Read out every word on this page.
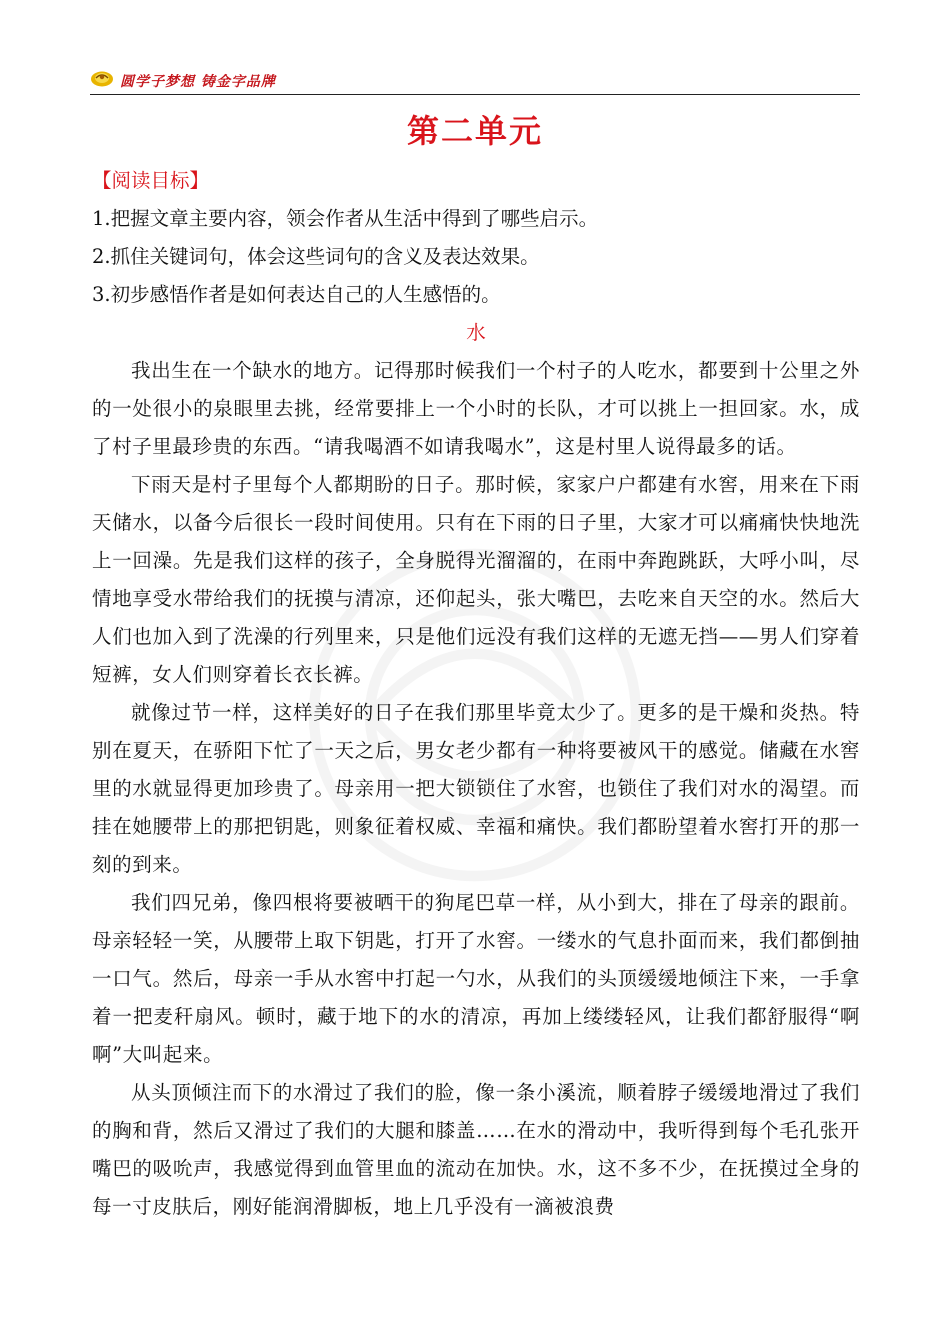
圆学子梦想 铸金字品牌
第二单元
【阅读目标】
1.把握文章主要内容，领会作者从生活中得到了哪些启示。
2.抓住关键词句，体会这些词句的含义及表达效果。
3.初步感悟作者是如何表达自己的人生感悟的。
水

我出生在一个缺水的地方。记得那时候我们一个村子的人吃水，都要到十公里之外的一处很小的泉眼里去挑，经常要排上一个小时的长队，才可以挑上一担回家。水，成了村子里最珍贵的东西。“请我喝酒不如请我喝水”，这是村里人说得最多的话。

下雨天是村子里每个人都期盼的日子。那时候，家家户户都建有水窖，用来在下雨天储水，以备今后很长一段时间使用。只有在下雨的日子里，大家才可以痛痛快快地洗上一回澡。先是我们这样的孩子，全身脱得光溜溜的，在雨中奔跑跳跃，大呼小叫，尽情地享受水带给我们的抚摸与清凉，还仰起头，张大嘴巴，去吃来自天空的水。然后大人们也加入到了洗澡的行列里来，只是他们远没有我们这样的无遮无挡——男人们穿着短裤，女人们则穿着长衣长裤。

就像过节一样，这样美好的日子在我们那里毕竟太少了。更多的是干燥和炎热。特别在夏天，在骄阳下忙了一天之后，男女老少都有一种将要被风干的感觉。储藏在水窖里的水就显得更加珍贵了。母亲用一把大锁锁住了水窖，也锁住了我们对水的渴望。而挂在她腰带上的那把钥匙，则象征着权威、幸福和痛快。我们都盼望着水窖打开的那一刻的到来。

我们四兄弟，像四根将要被晒干的狗尾巴草一样，从小到大，排在了母亲的跟前。母亲轻轻一笑，从腰带上取下钥匙，打开了水窖。一缕水的气息扑面而来，我们都倒抽一口气。然后，母亲一手从水窖中打起一勺水，从我们的头顶缓缓地倾注下来，一手拿着一把麦秆扇风。顿时，藏于地下的水的清凉，再加上缕缕轻风，让我们都舒服得“啊啊”大叫起来。

从头顶倾注而下的水滑过了我们的脸，像一条小溪流，顺着脖子缓缓地滑过了我们的胸和背，然后又滑过了我们的大腿和膝盖……在水的滑动中，我听得到每个毛孔张开嘴巴的吸吮声，我感觉得到血管里血的流动在加快。水，这不多不少，在抚摸过全身的每一寸皮肤后，刚好能润滑脚板，地上几乎没有一滴被浪费
